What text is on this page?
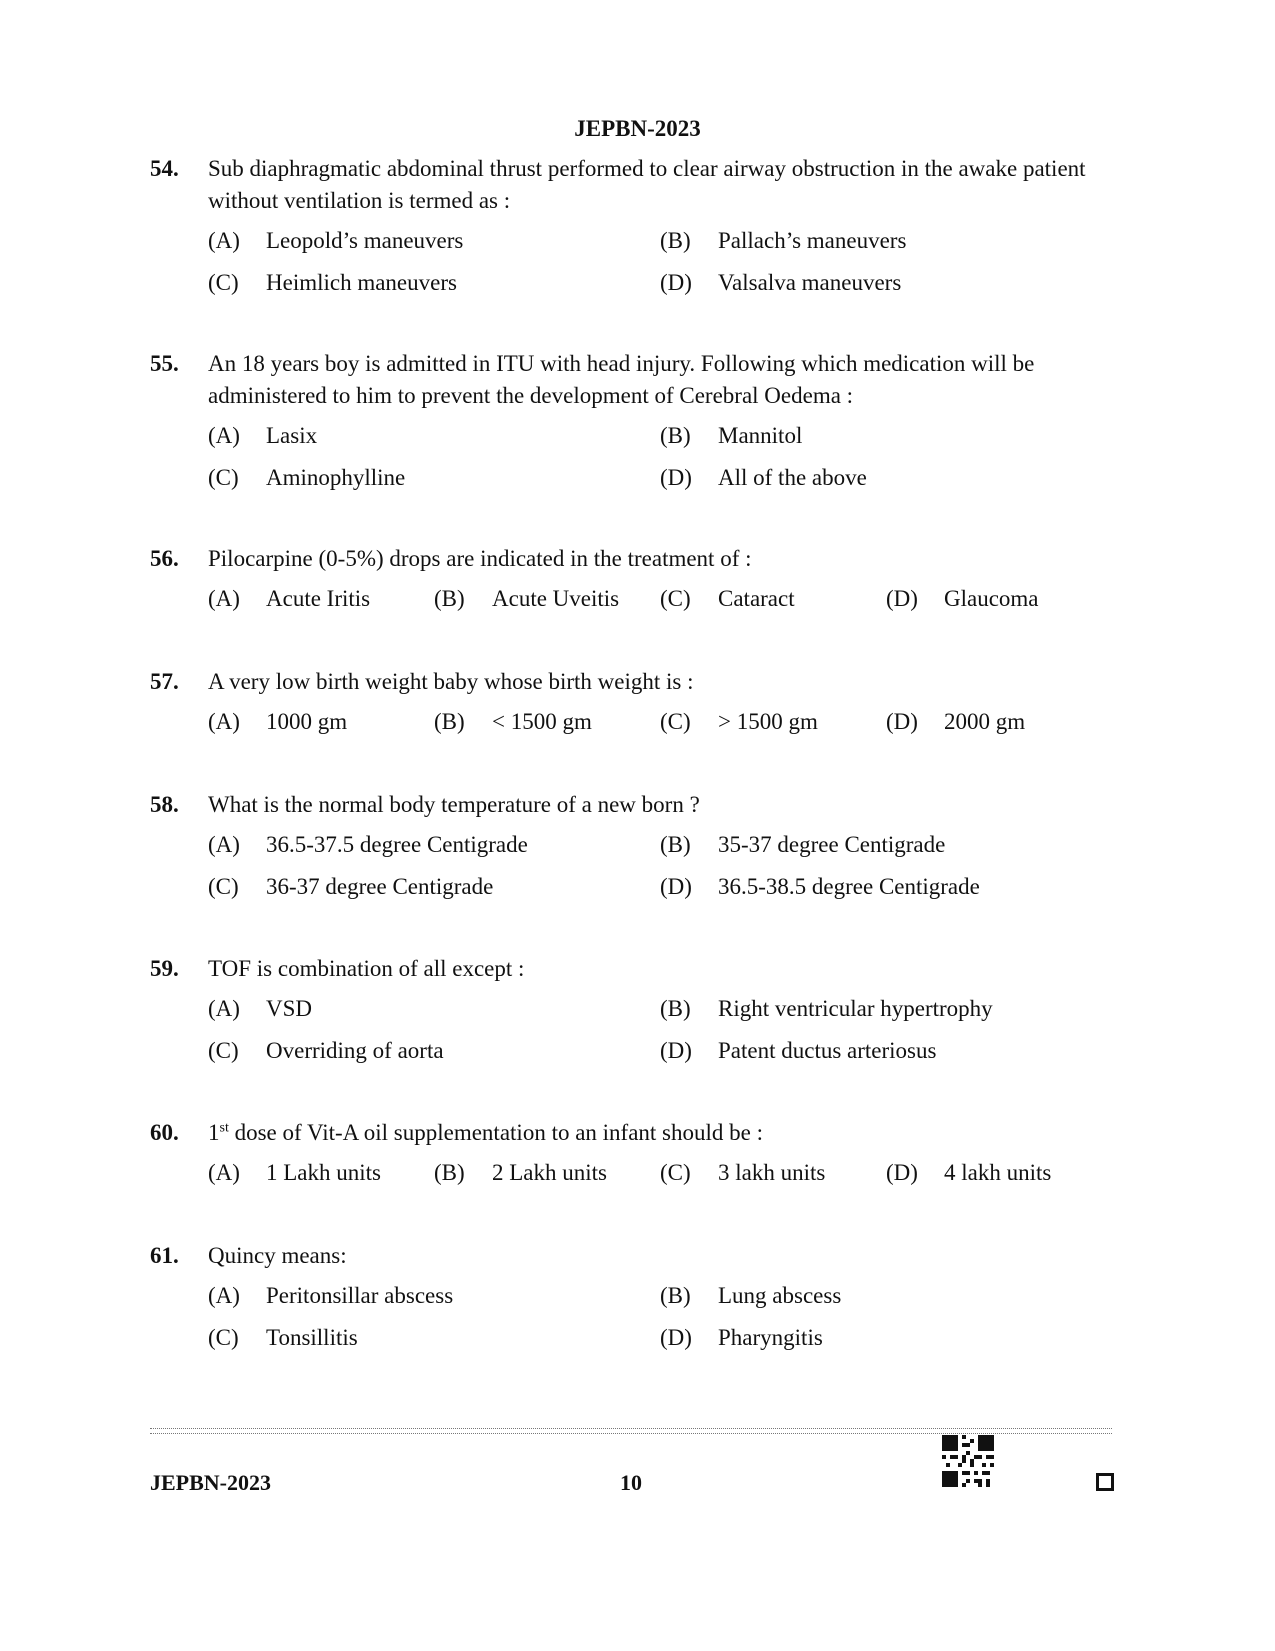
JEPBN-2023
54. Sub diaphragmatic abdominal thrust performed to clear airway obstruction in the awake patient without ventilation is termed as :
(A)	Leopold’s maneuvers	(B)	Pallach’s maneuvers
(C)	Heimlich maneuvers	(D)	Valsalva maneuvers
55. An 18 years boy is admitted in ITU with head injury. Following which medication will be administered to him to prevent the development of Cerebral Oedema :
(A)	Lasix	(B)	Mannitol
(C)	Aminophylline	(D)	All of the above
56. Pilocarpine (0-5%) drops are indicated in the treatment of :
(A)	Acute Iritis	(B)	Acute Uveitis (C)	Cataract	(D)	Glaucoma
57. A very low birth weight baby whose birth weight is :
(A)	1000 gm	(B)	< 1500 gm	(C)	> 1500 gm	(D)	2000 gm
58. What is the normal body temperature of a new born ?
(A)	36.5-37.5 degree Centigrade	(B)	35-37 degree Centigrade
(C)	36-37 degree Centigrade	(D)	36.5-38.5 degree Centigrade
59. TOF is combination of all except :
(A)	VSD	(B)	Right ventricular hypertrophy
(C)	Overriding of aorta	(D)	Patent ductus arteriosus
60. 1st dose of Vit-A oil supplementation to an infant should be :
(A)	1 Lakh units (B)	2 Lakh units (C)	3 lakh units	(D)	4 lakh units
61. Quincy means:
(A)	Peritonsillar abscess	(B)	Lung abscess
(C)	Tonsillitis	(D)	Pharyngitis
JEPBN-2023	10
